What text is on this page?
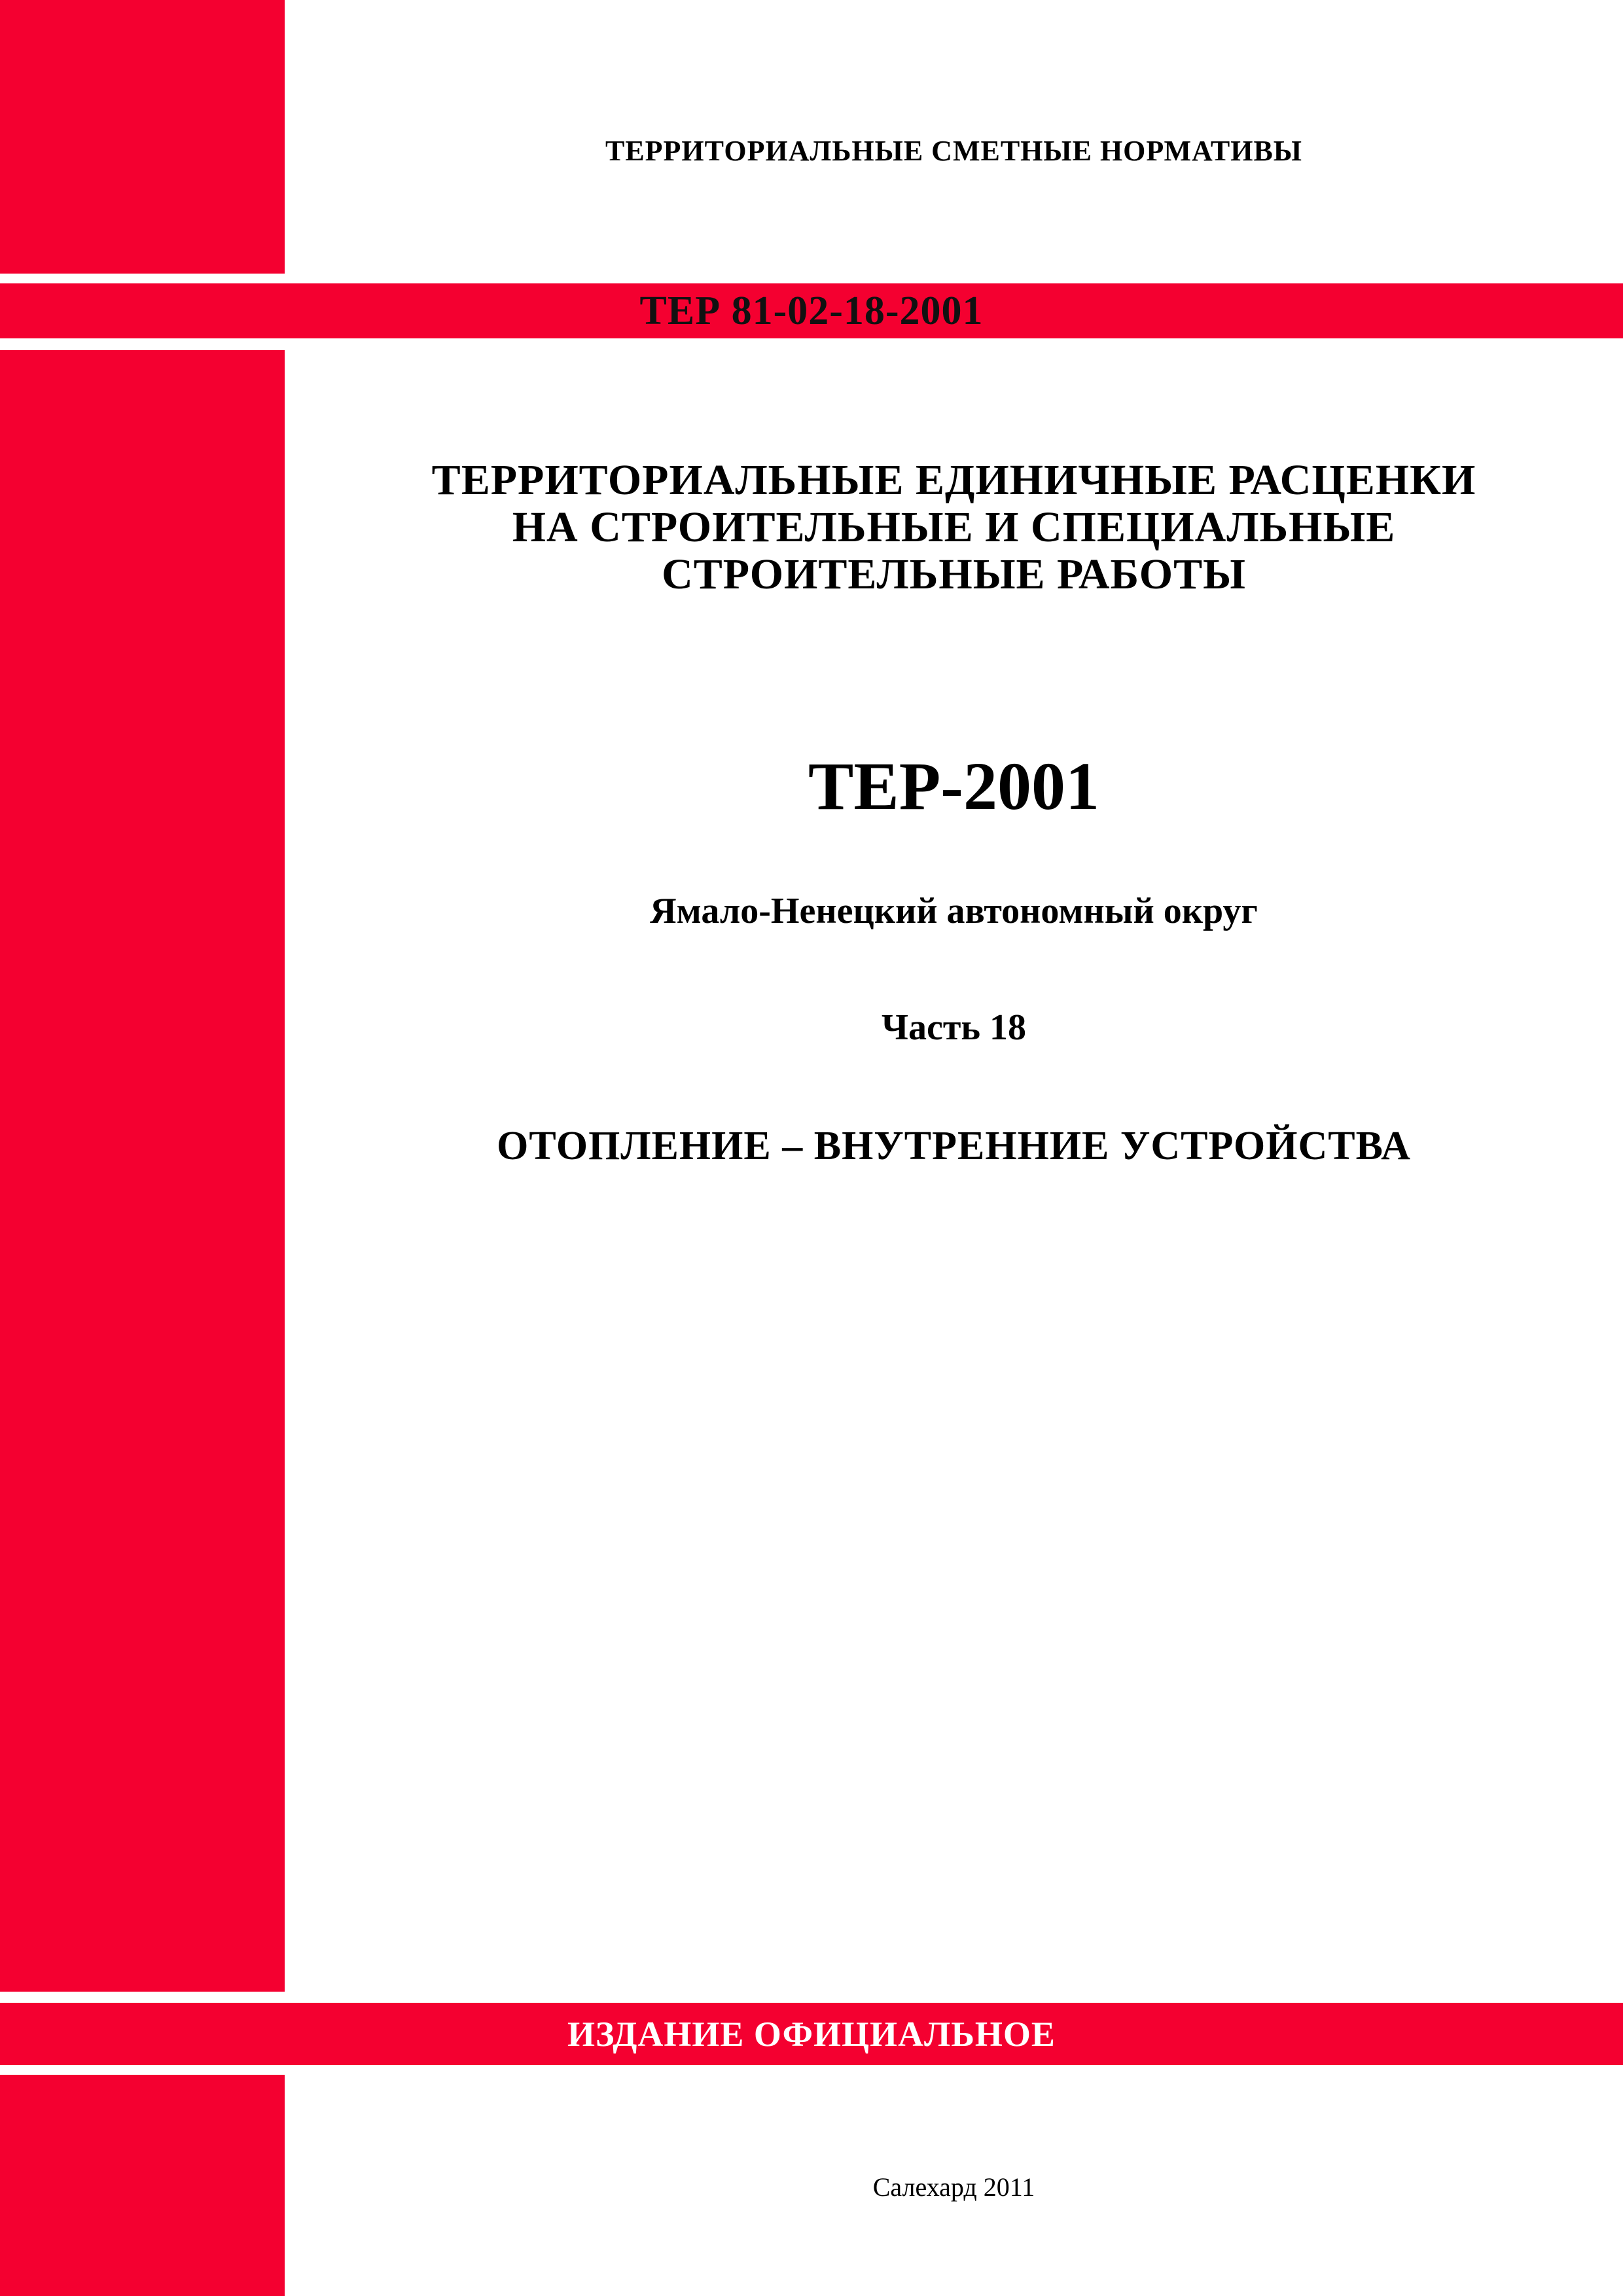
ТЕРРИТОРИАЛЬНЫЕ СМЕТНЫЕ НОРМАТИВЫ

ТЕР 81-02-18-2001
ТЕРРИТОРИАЛЬНЫЕ ЕДИНИЧНЫЕ РАСЦЕНКИ
НА СТРОИТЕЛЬНЫЕ И СПЕЦИАЛЬНЫЕ
СТРОИТЕЛЬНЫЕ РАБОТЫ

ТЕР-2001

Ямало-Ненецкий автономный округ

Часть 18

ОТОПЛЕНИЕ – ВНУТРЕННИЕ УСТРОЙСТВА

ИЗДАНИЕ ОФИЦИАЛЬНОЕ

Салехард 2011
